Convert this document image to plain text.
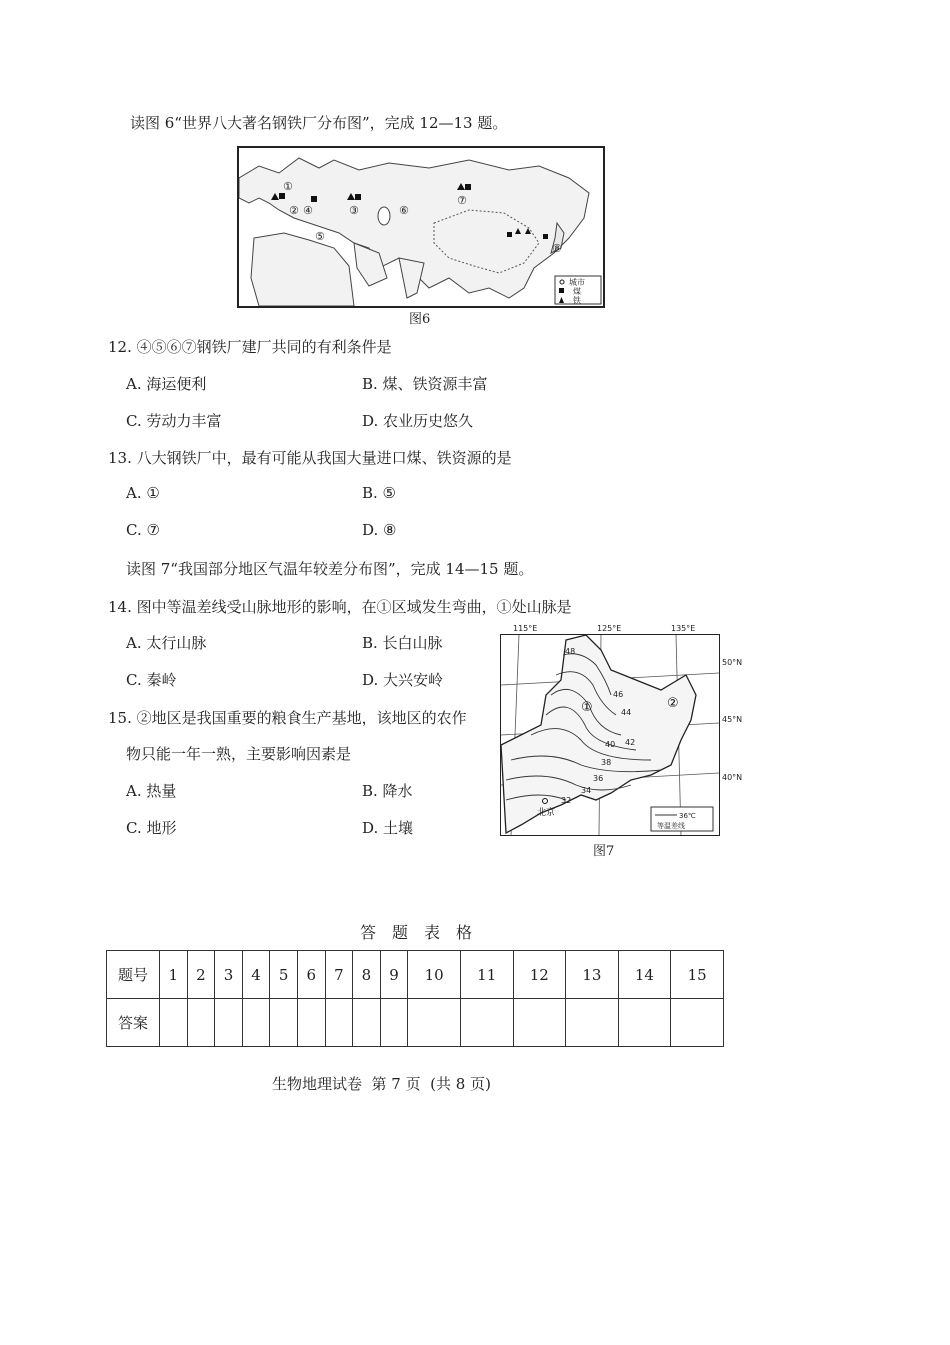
读图 6“世界八大著名钢铁厂分布图”，完成 12—13 题。
①
②	③
④
⑤
⑥
⑦
⑧
城市
煤
铁
图6
12. ④⑤⑥⑦钢铁厂建厂共同的有利条件是
A. 海运便利	B. 煤、铁资源丰富
C. 劳动力丰富	D. 农业历史悠久
13. 八大钢铁厂中，最有可能从我国大量进口煤、铁资源的是
A. ①	B. ⑤
C. ⑦	D. ⑧
读图 7“我国部分地区气温年较差分布图”，完成 14—15 题。
14. 图中等温差线受山脉地形的影响，在①区域发生弯曲，①处山脉是
A. 太行山脉	B. 长白山脉
C. 秦岭	D. 大兴安岭
15. ②地区是我国重要的粮食生产基地，该地区的农作
物只能一年一熟，主要影响因素是
A. 热量	B. 降水
C. 地形	D. 土壤
115°E	125°E	135°E
48
46
44
42
40
38
36
34
32
①	②
北京	36℃
等温差线
50°N
45°N
40°N
图7
答题表格
题号	1	2	3	4	5	6	7	8	9	10	11	12	13	14	15
答案															
生物地理试卷  第 7 页  (共 8 页)
